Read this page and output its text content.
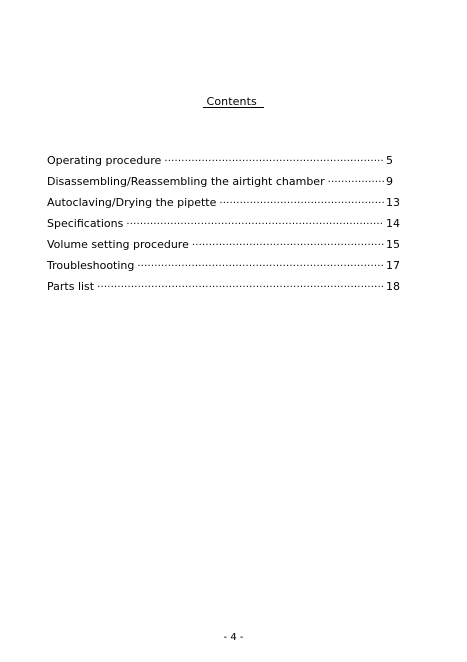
Contents
Operating procedure ·····	5
Disassembling/Reassembling the airtight chamber ·····	9
Autoclaving/Drying the pipette ·····	13
Specifications ·····	14
Volume setting procedure ·····	15
Troubleshooting ·····	17
Parts list ·····	18
- 4 -
